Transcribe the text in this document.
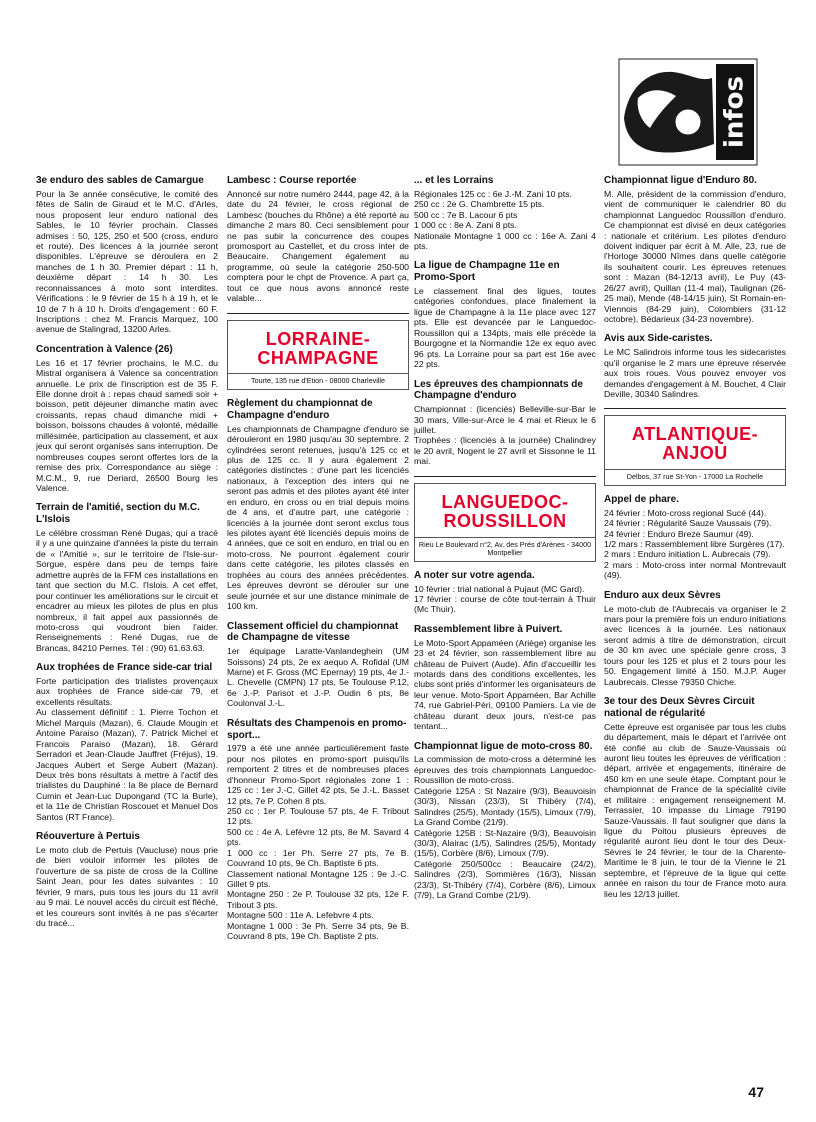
infos
3e enduro des sables de Camargue

Pour la 3e année consécutive, le comité des fêtes de Salin de Giraud et le M.C. d'Arles, nous proposent leur enduro national des Sables, le 10 février prochain. Classes admises : 50, 125, 250 et 500 (cross, enduro et route). Des licences à la journée seront disponibles. L'épreuve se déroulera en 2 manches de 1 h 30. Premier départ : 11 h, deuxième départ : 14 h 30. Les reconnaissances à moto sont interdites. Vérifications : le 9 février de 15 h à 19 h, et le 10 de 7 h à 10 h. Droits d'engagement : 60 F. Inscriptions : chez M. Francis Marquez, 100 avenue de Stalingrad, 13200 Arles.

Concentration à Valence (26)

Les 16 et 17 février prochains, le M.C. du Mistral organisera à Valence sa concentration annuelle. Le prix de l'inscription est de 35 F. Elle donne droit à : repas chaud samedi soir + boisson, petit déjeuner dimanche matin avec croissants, repas chaud dimanche midi + boisson, boissons chaudes à volonté, médaille millésimée, participation au classement, et aux jeux qui seront organisés sans interruption. De nombreuses coupes seront offertes lors de la remise des prix. Correspondance au siège : M.C.M., 9, rue Deriard, 26500 Bourg les Valence.

Terrain de l'amitié, section du M.C. L'Islois

Le célèbre crossman René Dugas, qui a tracé il y a une quinzaine d'années la piste du terrain de « l'Amitié », sur le territoire de l'Isle-sur-Sorgue, espère dans peu de temps faire admettre auprès de la FFM ces installations en tant que section du M.C. l'Islois. A cet effet, pour continuer les améliorations sur le circuit et encadrer au mieux les pilotes de plus en plus nombreux, il fait appel aux passionnés de moto-cross qui voudront bien l'aider. Renseignements : René Dugas, rue de Brancas, 84210 Pernes. Tél : (90) 61.63.63.

Aux trophées de France side-car trial

Forte participation des trialistes provençaux aux trophées de France side-car 79, et excellents résultats.
Au classement définitif : 1. Pierre Tochon et Michel Marquis (Mazan), 6. Claude Mougin et Antoine Paraiso (Mazan), 7. Patrick Michel et Francois Paraiso (Mazan), 18. Gérard Serradori et Jean-Claude Jauffret (Fréjus), 19. Jacques Aubert et Serge Aubert (Mazan). Deux très bons résultats à mettre à l'actif des trialistes du Dauphiné : la 8e place de Bernard Cumin et Jean-Luc Dupongand (TC la Burle), et la 11e de Christian Roscouet et Manuel Dos Santos (RT France).

Réouverture à Pertuis

Le moto club de Pertuis (Vaucluse) nous prie de bien vouloir informer les pilotes de l'ouverture de sa piste de cross de la Colline Saint Jean, pour les dates suivantes : 10 février, 9 mars, puis tous les jours du 11 avril au 9 mai. Le nouvel accès du circuit est fléché, et les coureurs sont invités à ne pas s'écarter du tracé...

Lambesc : Course reportée

Annoncé sur notre numéro 2444, page 42, à la date du 24 février, le cross régional de Lambesc (bouches du Rhône) a été reporté au dimanche 2 mars 80. Ceci sensiblement pour ne pas subir la concurrence des coupes promosport au Castellet, et du cross inter de Beaucaire. Changement également au programme, où seule la catégorie 250-500 comptera pour le chpt de Provence. A part ça, tout ce que nous avons annoncé reste valable...

LORRAINE-
CHAMPAGNE
Tourte, 135 rue d'Etion - 08000 Charleville
Règlement du championnat de Champagne d'enduro

Les championnats de Champagne d'enduro se dérouleront en 1980 jusqu'au 30 septembre. 2 cylindrées seront retenues, jusqu'à 125 cc et plus de 125 cc. Il y aura également 2 catégories distinctes : d'une part les licenciés nationaux, à l'exception des inters qui ne seront pas admis et des pilotes ayant été inter en enduro, en cross ou en trial depuis moins de 4 ans, et d'autre part, une catégorie : licenciés à la journée dont seront exclus tous les pilotes ayant été licenciés depuis moins de 4 années, que ce soit en enduro, en trial ou en moto-cross. Ne pourront également courir dans cette catégorie, les pilotes classés en trophées au cours des années précédentes. Les épreuves devront se dérouler sur une seule journée et sur une distance minimale de 100 km.

Classement officiel du championnat de Champagne de vitesse

1er équipage Laratte-Vanlandeghein (UM Soissons) 24 pts, 2e ex aequo A. Rofidal (UM Marne) et F. Gross (MC Epernay) 19 pts, 4e J.-L. Chevelle (CMPN) 17 pts, 5e Toulouse P.12, 6e J.-P. Parisot et J.-P. Oudin 6 pts, 8e Coulonval J.-L.

Résultats des Champenois en promo-sport...

1979 a été une année particulièrement faste pour nos pilotes en promo-sport puisqu'ils remportent 2 titres et de nombreuses places d'honneur Promo-Sport régionales zone 1 : 125 cc : 1er J.-C. Gillet 42 pts, 5e J.-L. Basset 12 pts, 7e P. Cohen 8 pts.
250 cc : 1er P. Toulouse 57 pts, 4e F. Tribout 12 pts.
500 cc : 4e A. Lefèvre 12 pts, 8e M. Savard 4 pts.
1 000 cc : 1er Ph. Serre 27 pts, 7e B. Couvrand 10 pts, 9e Ch. Baptiste 6 pts.
Classement national Montagne 125 : 9e J.-C. Gillet 9 pts.
Montagne 250 : 2e P. Toulouse 32 pts, 12e F. Tribout 3 pts.
Montagne 500 : 11e A. Lefebvre 4 pts.
Montagne 1 000 : 3e Ph. Serre 34 pts, 9e B. Couvrand 8 pts, 19e Ch. Baptiste 2 pts.

... et les Lorrains

Régionales 125 cc : 6e J.-M. Zani 10 pts.
250 cc : 2e G. Chambrette 15 pts.
500 cc : 7e B. Lacour 6 pts
1 000 cc : 8e A. Zani 8 pts.
Nationale Montagne 1 000 cc : 16e A. Zani 4 pts.

La ligue de Champagne 11e en Promo-Sport

Le classement final des ligues, toutes catégories confondues, place finalement la ligue de Champagne à la 11e place avec 127 pts. Elle est devancée par le Languedoc-Roussillon qui a 134pts, mais elle précède la Bourgogne et la Normandie 12e ex equo avec 96 pts. La Lorraine pour sa part est 16e avec 22 pts.

Les épreuves des championnats de Champagne d'enduro

Championnat : (licenciés) Belleville-sur-Bar le 30 mars, Ville-sur-Arce le 4 mai et Rieux le 6 juillet.
Trophées : (licenciés à la journée) Chalindrey le 20 avril, Nogent le 27 avril et Sissonne le 11 mai.

LANGUEDOC-
ROUSSILLON
Rieu Le Boulevard n°2, Av. des Prés d'Arènes - 34000 Montpellier
A noter sur votre agenda.

10 février : trial national à Pujaut (MC Gard).
17 février : course de côte tout-terrain à Thuir (Mc Thuir).

Rassemblement libre à Puivert.

Le Moto-Sport Appaméen (Ariège) organise les 23 et 24 février, son rassemblement libre au château de Puivert (Aude). Afin d'accueillir les motards dans des conditions excellentes, les clubs sont priés d'informer les organisateurs de leur venue. Moto-Sport Appaméen, Bar Achille 74, rue Gabriel-Péri, 09100 Pamiers. La vie de château durant deux jours, n'est-ce pas tentant...

Championnat ligue de moto-cross 80.

La commission de moto-cross a déterminé les épreuves des trois championnats Languedoc-Roussillon de moto-cross.
Catégorie 125A : St Nazaire (9/3), Beauvoisin (30/3), Nissan (23/3), St Thibéry (7/4), Salindres (25/5), Montady (15/5), Limoux (7/9), La Grand Combe (21/9).
Catégorie 125B : St-Nazaire (9/3), Beauvoisin (30/3), Alairac (1/5), Salindres (25/5), Montady (15/5), Corbère (8/6), Limoux (7/9).
Catégorie 250/500cc : Beaucaire (24/2), Salindres (2/3), Sommières (16/3), Nissan (23/3), St-Thibéry (7/4), Corbère (8/6), Limoux (7/9), La Grand Combe (21/9).

Championnat ligue d'Enduro 80.

M. Alle, président de la commission d'enduro, vient de communiquer le calendrier 80 du championnat Languedoc Roussillon d'enduro. Ce championnat est divisé en deux catégories : nationale et critérium. Les pilotes d'enduro doivent indiquer par écrit à M. Alle, 23, rue de l'Horloge 30000 Nîmes dans quelle catégorie ils souhaitent courir. Les épreuves retenues sont : Mazan (84-12/13 avril), Le Puy (43-26/27 avril), Quillan (11-4 mai), Taulignan (26-25 mai), Mende (48-14/15 juin), St Romain-en-Viennois (84-29 juin), Colombiers (31-12 octobre), Bédarieux (34-23 novembre).

Avis aux Side-caristes.

Le MC Salindrois informe tous les sidecaristes qu'il organise le 2 mars une épreuve réservée aux trois roues. Vous pouvez envoyer vos demandes d'engagement à M. Bouchet, 4 Clair Deville, 30340 Salindres.

ATLANTIQUE-
ANJOU
Delbos, 37 rue St-Yon - 17000 La Rochelle
Appel de phare.

24 février : Moto-cross regional Sucé (44).
24 février : Régularité Sauze Vaussais (79).
24 février : Enduro Breze Saumur (49).
1/2 mars : Rassemblement libre Surgères (17).
2 mars : Enduro initiation L. Aubrecais (79).
2 mars : Moto-cross inter normal Montrevault (49).

Enduro aux deux Sèvres

Le moto-club de l'Aubrecais va organiser le 2 mars pour la première fois un enduro initiations avec licences à la journée. Les nationaux seront admis à titre de démonstration, circuit de 30 km avec une spéciale genre cross, 3 tours pour les 125 et plus et 2 tours pour les 50. Engagement limité à 150. M.J.P. Auger Laubrecais. Clesse 79350 Chiche.

3e tour des Deux Sèvres Circuit national de régularité

Cette épreuve est organisée par tous les clubs du département, mais le départ et l'arrivée ont été confié au club de Sauze-Vaussais où auront lieu toutes les épreuves de vérification : départ, arrivée et engagements, itinéraire de 450 km en une seule étape. Comptant pour le championnat de France de la spécialité civile et militaire : engagement renseignement M. Terrassier, 10 impasse du Limage 79190 Sauze-Vaussais. Il faut souligner que dans la ligue du Poitou plusieurs épreuves de régularité auront lieu dont le tour des Deux-Sèvres le 24 février, le tour de la Charente-Maritime le 8 juin, le tour de la Vienne le 21 septembre, et l'épreuve de la ligue qui cette année en raison du tour de France moto aura lieu les 12/13 juillet.

47
